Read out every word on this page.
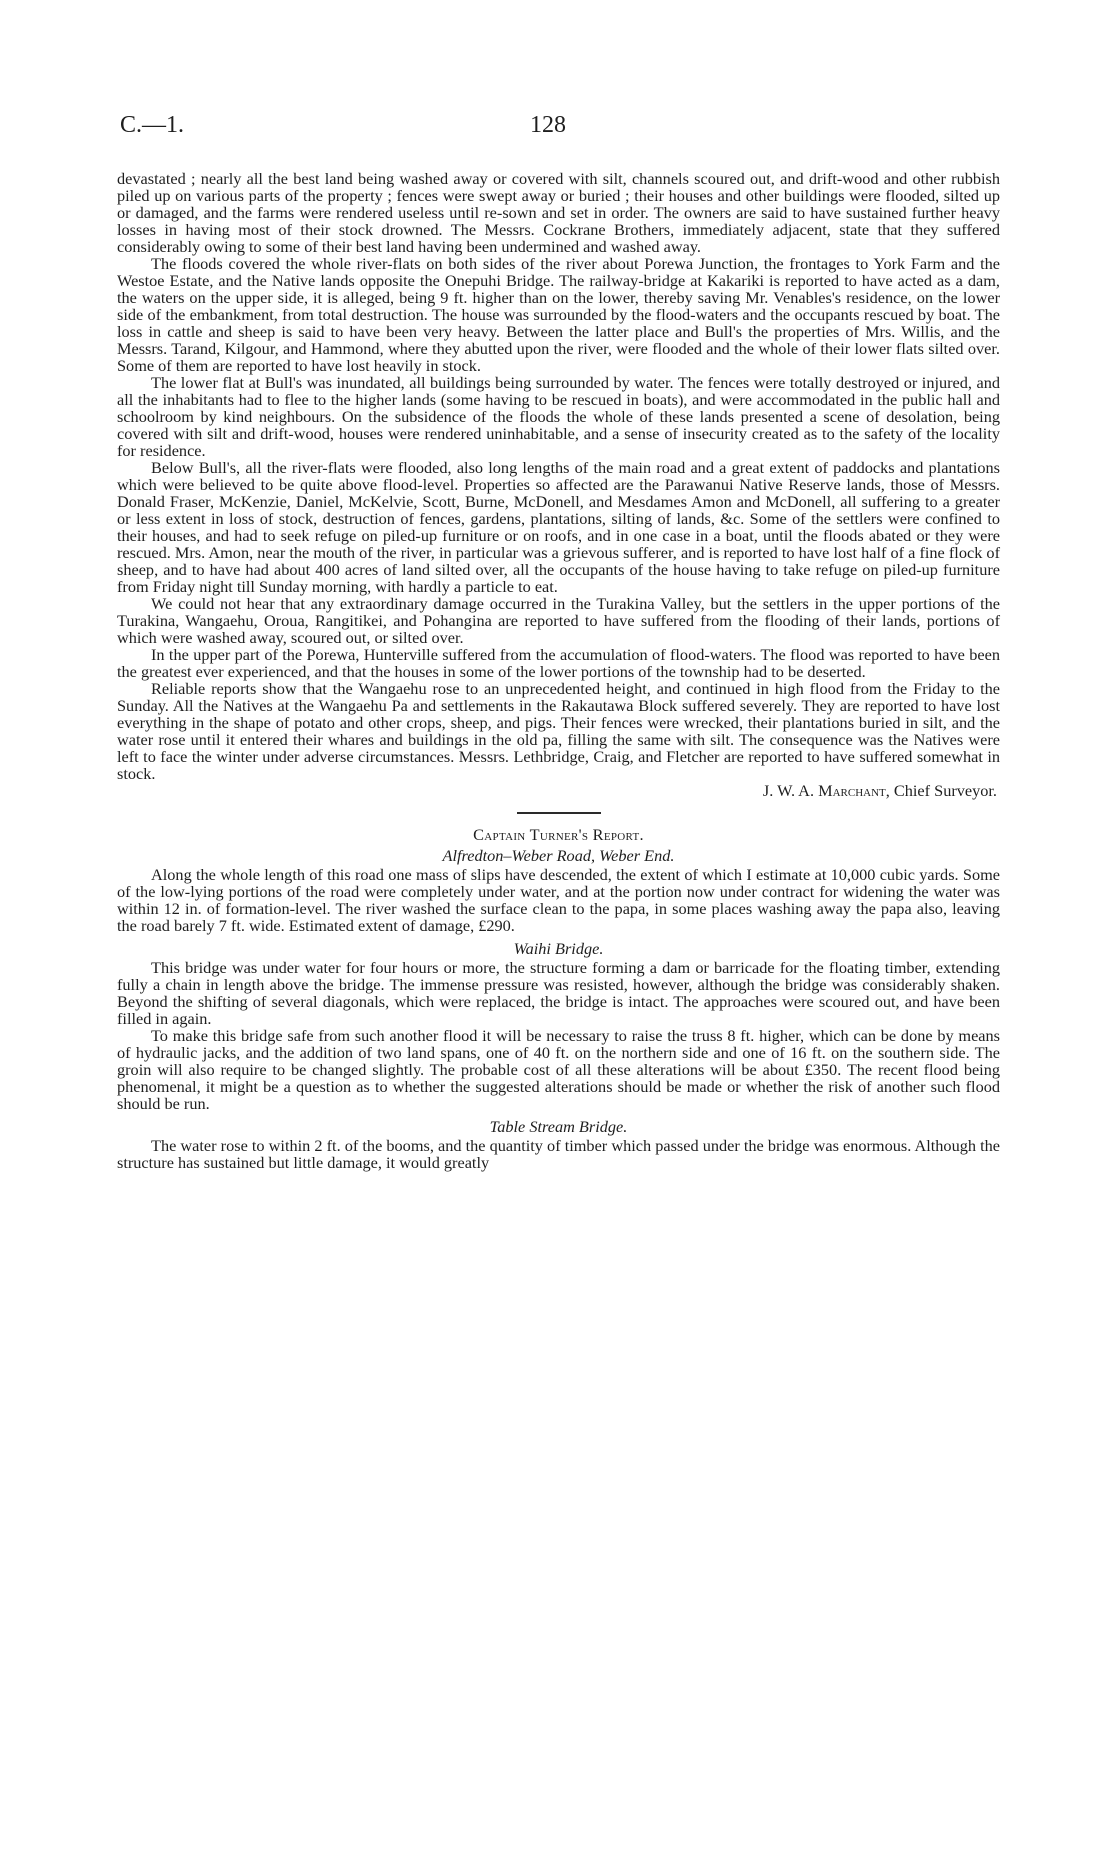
C.—1.	128

devastated ; nearly all the best land being washed away or covered with silt, channels scoured out, and drift-wood and other rubbish piled up on various parts of the property ; fences were swept away or buried ; their houses and other buildings were flooded, silted up or damaged, and the farms were rendered useless until re-sown and set in order. The owners are said to have sustained further heavy losses in having most of their stock drowned. The Messrs. Cockrane Brothers, immediately adjacent, state that they suffered considerably owing to some of their best land having been undermined and washed away.

The floods covered the whole river-flats on both sides of the river about Porewa Junction, the frontages to York Farm and the Westoe Estate, and the Native lands opposite the Onepuhi Bridge. The railway-bridge at Kakariki is reported to have acted as a dam, the waters on the upper side, it is alleged, being 9 ft. higher than on the lower, thereby saving Mr. Venables's residence, on the lower side of the embankment, from total destruction. The house was surrounded by the flood-waters and the occupants rescued by boat. The loss in cattle and sheep is said to have been very heavy. Between the latter place and Bull's the properties of Mrs. Willis, and the Messrs. Tarand, Kilgour, and Hammond, where they abutted upon the river, were flooded and the whole of their lower flats silted over. Some of them are reported to have lost heavily in stock.

The lower flat at Bull's was inundated, all buildings being surrounded by water. The fences were totally destroyed or injured, and all the inhabitants had to flee to the higher lands (some having to be rescued in boats), and were accommodated in the public hall and schoolroom by kind neighbours. On the subsidence of the floods the whole of these lands presented a scene of desolation, being covered with silt and drift-wood, houses were rendered uninhabitable, and a sense of insecurity created as to the safety of the locality for residence.

Below Bull's, all the river-flats were flooded, also long lengths of the main road and a great extent of paddocks and plantations which were believed to be quite above flood-level. Properties so affected are the Parawanui Native Reserve lands, those of Messrs. Donald Fraser, McKenzie, Daniel, McKelvie, Scott, Burne, McDonell, and Mesdames Amon and McDonell, all suffering to a greater or less extent in loss of stock, destruction of fences, gardens, plantations, silting of lands, &c. Some of the settlers were confined to their houses, and had to seek refuge on piled-up furniture or on roofs, and in one case in a boat, until the floods abated or they were rescued. Mrs. Amon, near the mouth of the river, in particular was a grievous sufferer, and is reported to have lost half of a fine flock of sheep, and to have had about 400 acres of land silted over, all the occupants of the house having to take refuge on piled-up furniture from Friday night till Sunday morning, with hardly a particle to eat.

We could not hear that any extraordinary damage occurred in the Turakina Valley, but the settlers in the upper portions of the Turakina, Wangaehu, Oroua, Rangitikei, and Pohangina are reported to have suffered from the flooding of their lands, portions of which were washed away, scoured out, or silted over.

In the upper part of the Porewa, Hunterville suffered from the accumulation of flood-waters. The flood was reported to have been the greatest ever experienced, and that the houses in some of the lower portions of the township had to be deserted.

Reliable reports show that the Wangaehu rose to an unprecedented height, and continued in high flood from the Friday to the Sunday. All the Natives at the Wangaehu Pa and settlements in the Rakautawa Block suffered severely. They are reported to have lost everything in the shape of potato and other crops, sheep, and pigs. Their fences were wrecked, their plantations buried in silt, and the water rose until it entered their whares and buildings in the old pa, filling the same with silt. The consequence was the Natives were left to face the winter under adverse circumstances. Messrs. Lethbridge, Craig, and Fletcher are reported to have suffered somewhat in stock.

J. W. A. Marchant, Chief Surveyor.
Captain Turner's Report.
Alfredton–Weber Road, Weber End.

Along the whole length of this road one mass of slips have descended, the extent of which I estimate at 10,000 cubic yards. Some of the low-lying portions of the road were completely under water, and at the portion now under contract for widening the water was within 12 in. of formation-level. The river washed the surface clean to the papa, in some places washing away the papa also, leaving the road barely 7 ft. wide. Estimated extent of damage, £290.

Waihi Bridge.

This bridge was under water for four hours or more, the structure forming a dam or barricade for the floating timber, extending fully a chain in length above the bridge. The immense pressure was resisted, however, although the bridge was considerably shaken. Beyond the shifting of several diagonals, which were replaced, the bridge is intact. The approaches were scoured out, and have been filled in again.

To make this bridge safe from such another flood it will be necessary to raise the truss 8 ft. higher, which can be done by means of hydraulic jacks, and the addition of two land spans, one of 40 ft. on the northern side and one of 16 ft. on the southern side. The groin will also require to be changed slightly. The probable cost of all these alterations will be about £350. The recent flood being phenomenal, it might be a question as to whether the suggested alterations should be made or whether the risk of another such flood should be run.

Table Stream Bridge.

The water rose to within 2 ft. of the booms, and the quantity of timber which passed under the bridge was enormous. Although the structure has sustained but little damage, it would greatly
